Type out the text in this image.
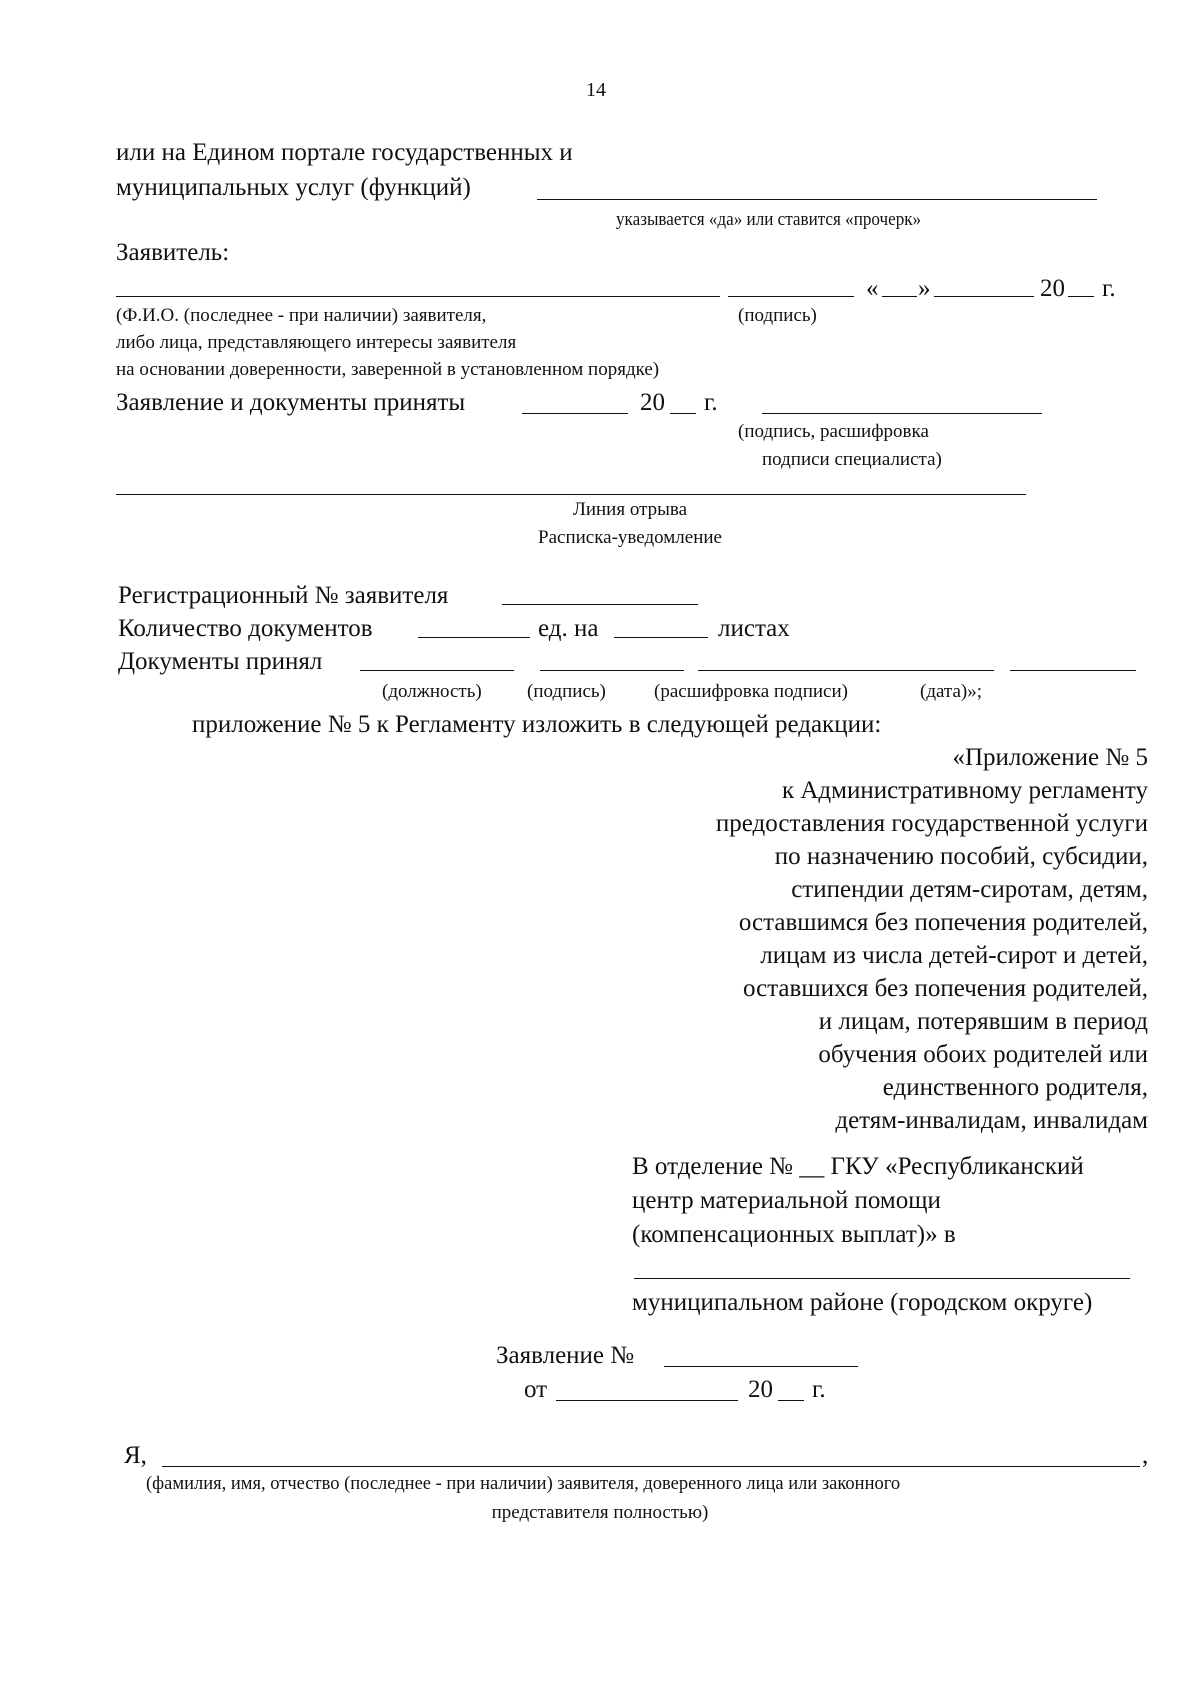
14
или на Едином портале государственных и
муниципальных услуг (функций)
указывается «да» или ставится «прочерк»
Заявитель:
« »	20 г.
(Ф.И.О. (последнее - при наличии) заявителя,	(подпись)
либо лица, представляющего интересы заявителя
на основании доверенности, заверенной в установленном порядке)
Заявление и документы приняты	20 г.
(подпись, расшифровка
подписи специалиста)
Линия отрыва
Расписка-уведомление
Регистрационный № заявителя
Количество документов	ед. на	листах
Документы принял
(должность) (подпись)	(расшифровка подписи)	(дата)»;
приложение № 5 к Регламенту изложить в следующей редакции:
«Приложение № 5
к Административному регламенту
предоставления государственной услуги
по назначению пособий, субсидии,
стипендии детям-сиротам, детям,
оставшимся без попечения родителей,
лицам из числа детей-сирот и детей,
оставшихся без попечения родителей,
и лицам, потерявшим в период
обучения обоих родителей или
единственного родителя,
детям-инвалидам, инвалидам
В отделение № __ ГКУ «Республиканский
центр материальной помощи
(компенсационных выплат)» в
муниципальном районе (городском округе)
Заявление №
от	20 г.
Я,	,
(фамилия, имя, отчество (последнее - при наличии) заявителя, доверенного лица или законного
представителя полностью)
